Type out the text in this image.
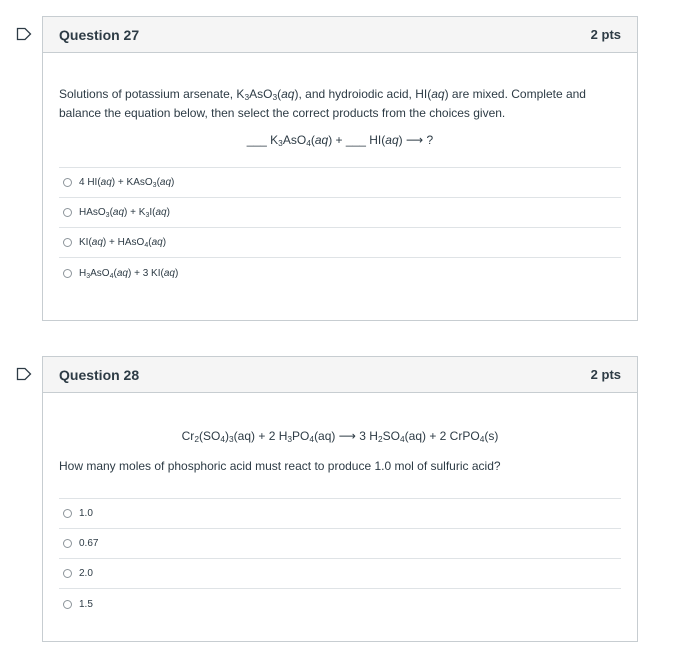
Question 27	2 pts
Solutions of potassium arsenate, $K_3AsO_3(aq)$, and hydroiodic acid, HI(aq) are mixed. Complete and
balance the equation below, then select the correct products from the choices given.
___ $K_3AsO_4(aq)$ + ___ HI(aq) ⟶ ?
4 HI(aq) + KAsO$_3$(aq)
HAsO$_3$(aq) + $K_3I(aq)$
KI(aq) + HAsO$_4$(aq)
$H_3AsO_4(aq) + 3$ KI(aq)
Question 28	2 pts
$Cr_2(SO_4)_3(aq) + 2$ $H_3PO_4(aq)$ ⟶ 3 $H_2SO_4(aq) + 2$ CrPO$_4$(s)
How many moles of phosphoric acid must react to produce 1.0 mol of sulfuric acid?
1.0
0.67
2.0
1.5
